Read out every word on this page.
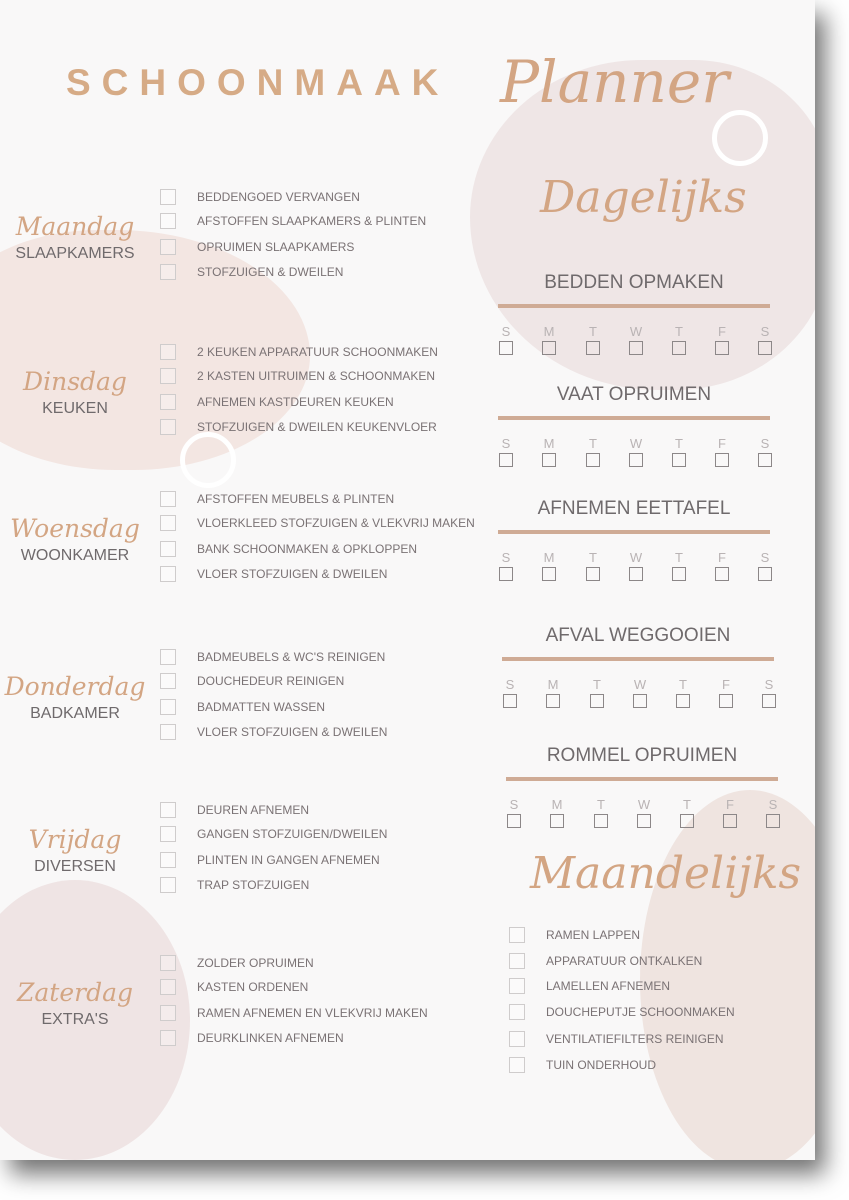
SCHOONMAAK Planner
Maandag
SLAAPKAMERS
BEDDENGOED VERVANGEN
AFSTOFFEN SLAAPKAMERS & PLINTEN
OPRUIMEN SLAAPKAMERS
STOFZUIGEN & DWEILEN
Dinsdag
KEUKEN
2 KEUKEN APPARATUUR SCHOONMAKEN
2 KASTEN UITRUIMEN & SCHOONMAKEN
AFNEMEN KASTDEUREN KEUKEN
STOFZUIGEN & DWEILEN KEUKENVLOER
Woensdag
WOONKAMER
AFSTOFFEN MEUBELS & PLINTEN
VLOERKLEED STOFZUIGEN & VLEKVRIJ MAKEN
BANK SCHOONMAKEN & OPKLOPPEN
VLOER STOFZUIGEN & DWEILEN
Donderdag
BADKAMER
BADMEUBELS & WC'S REINIGEN
DOUCHEDEUR REINIGEN
BADMATTEN WASSEN
VLOER STOFZUIGEN & DWEILEN
Vrijdag
DIVERSEN
DEUREN AFNEMEN
GANGEN STOFZUIGEN/DWEILEN
PLINTEN IN GANGEN AFNEMEN
TRAP STOFZUIGEN
Zaterdag
EXTRA'S
ZOLDER OPRUIMEN
KASTEN ORDENEN
RAMEN AFNEMEN EN VLEKVRIJ MAKEN
DEURKLINKEN AFNEMEN
Dagelijks
BEDDEN OPMAKEN
S	M	T	W	T	F	S
VAAT OPRUIMEN
S	M	T	W	T	F	S
AFNEMEN EETTAFEL
S	M	T	W	T	F	S
AFVAL WEGGOOIEN
S	M	T	W	T	F	S
ROMMEL OPRUIMEN
S	M	T	W	T	F	S
Maandelijks
RAMEN LAPPEN
APPARATUUR ONTKALKEN
LAMELLEN AFNEMEN
DOUCHEPUTJE SCHOONMAKEN
VENTILATIEFILTERS REINIGEN
TUIN ONDERHOUD
